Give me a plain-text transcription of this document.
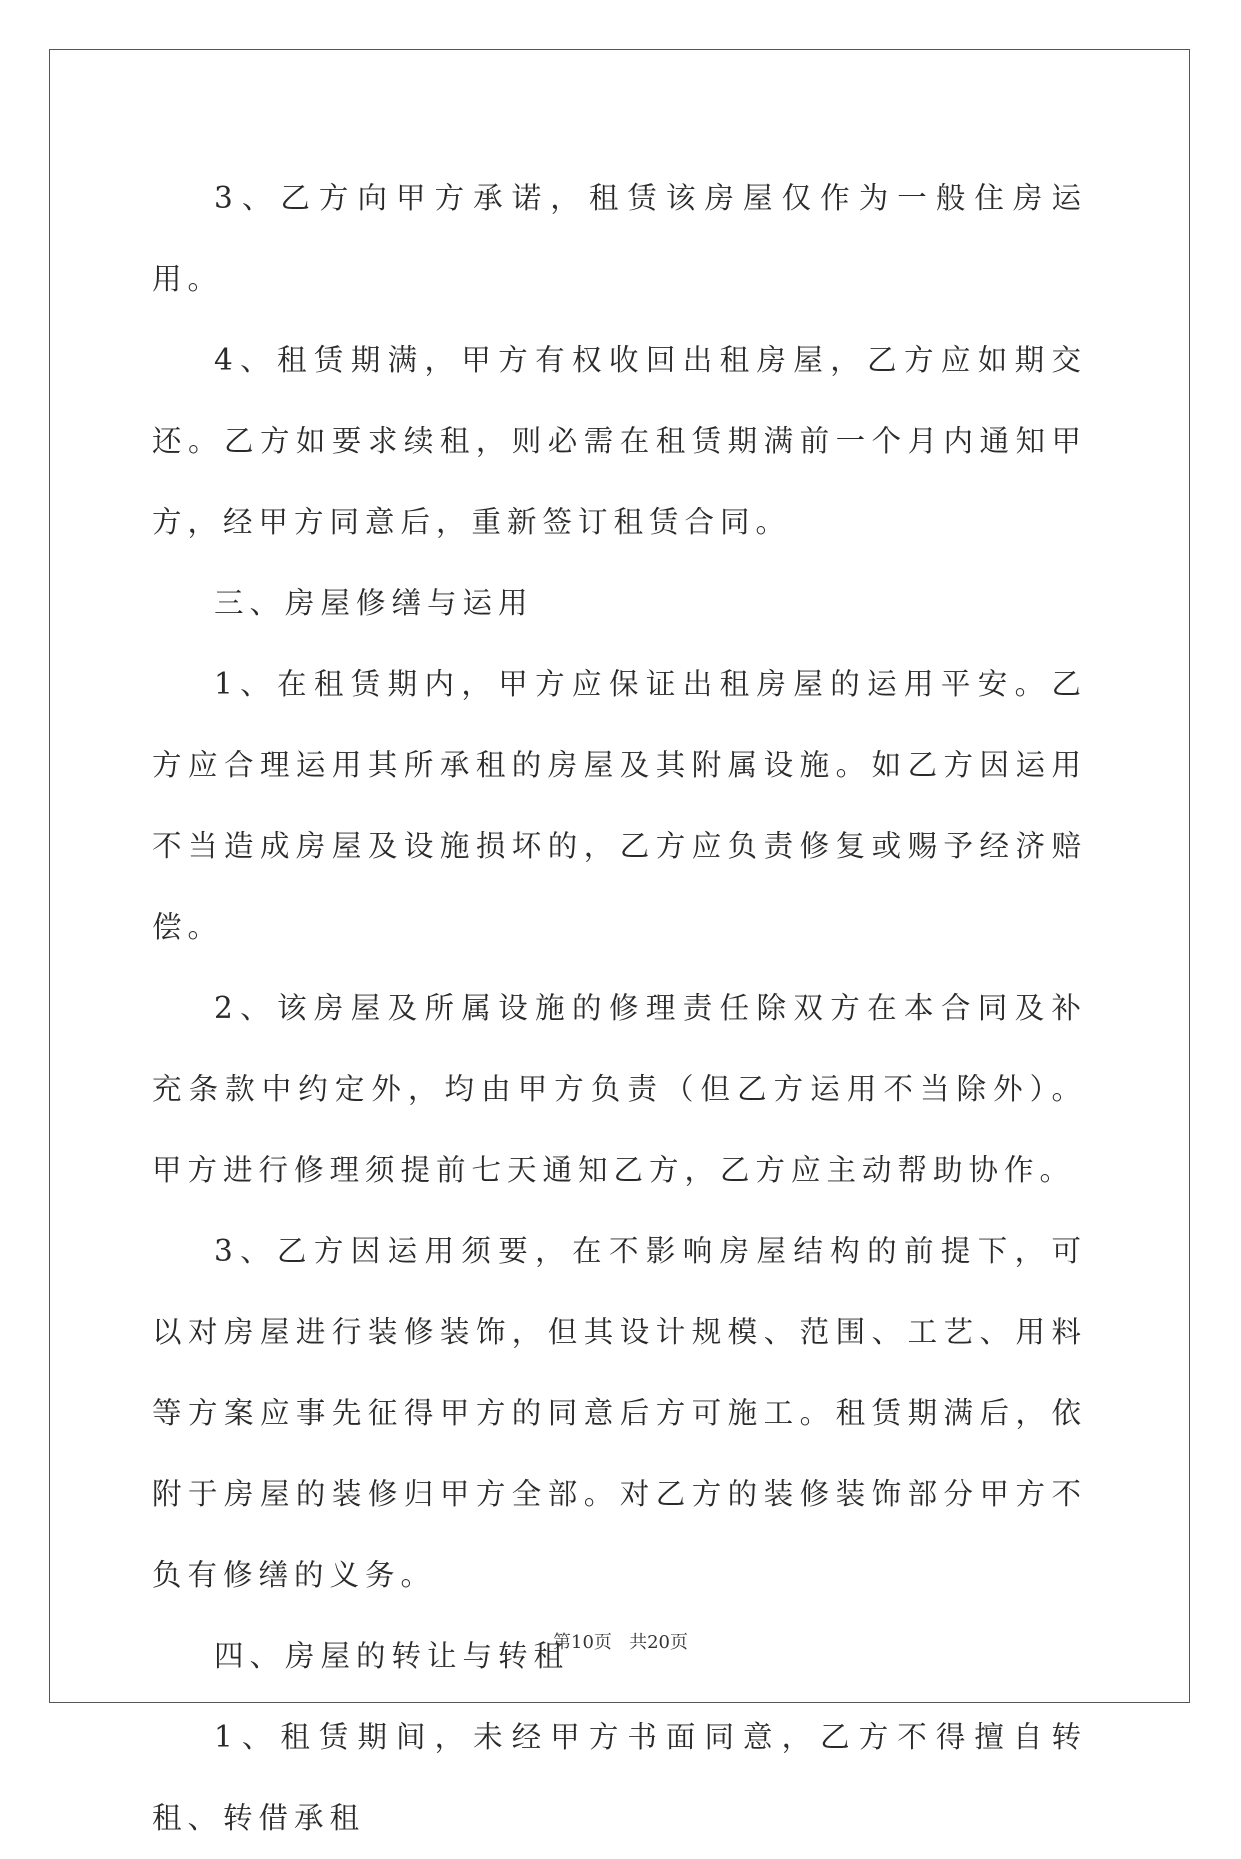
3、乙方向甲方承诺，租赁该房屋仅作为一般住房运用。

4、租赁期满，甲方有权收回出租房屋，乙方应如期交还。乙方如要求续租，则必需在租赁期满前一个月内通知甲方，经甲方同意后，重新签订租赁合同。

三、房屋修缮与运用

1、在租赁期内，甲方应保证出租房屋的运用平安。乙方应合理运用其所承租的房屋及其附属设施。如乙方因运用不当造成房屋及设施损坏的，乙方应负责修复或赐予经济赔偿。

2、该房屋及所属设施的修理责任除双方在本合同及补充条款中约定外，均由甲方负责（但乙方运用不当除外）。甲方进行修理须提前七天通知乙方，乙方应主动帮助协作。

3、乙方因运用须要，在不影响房屋结构的前提下，可以对房屋进行装修装饰，但其设计规模、范围、工艺、用料等方案应事先征得甲方的同意后方可施工。租赁期满后，依附于房屋的装修归甲方全部。对乙方的装修装饰部分甲方不负有修缮的义务。

四、房屋的转让与转租

1、租赁期间，未经甲方书面同意，乙方不得擅自转租、转借承租

第10页 共20页
